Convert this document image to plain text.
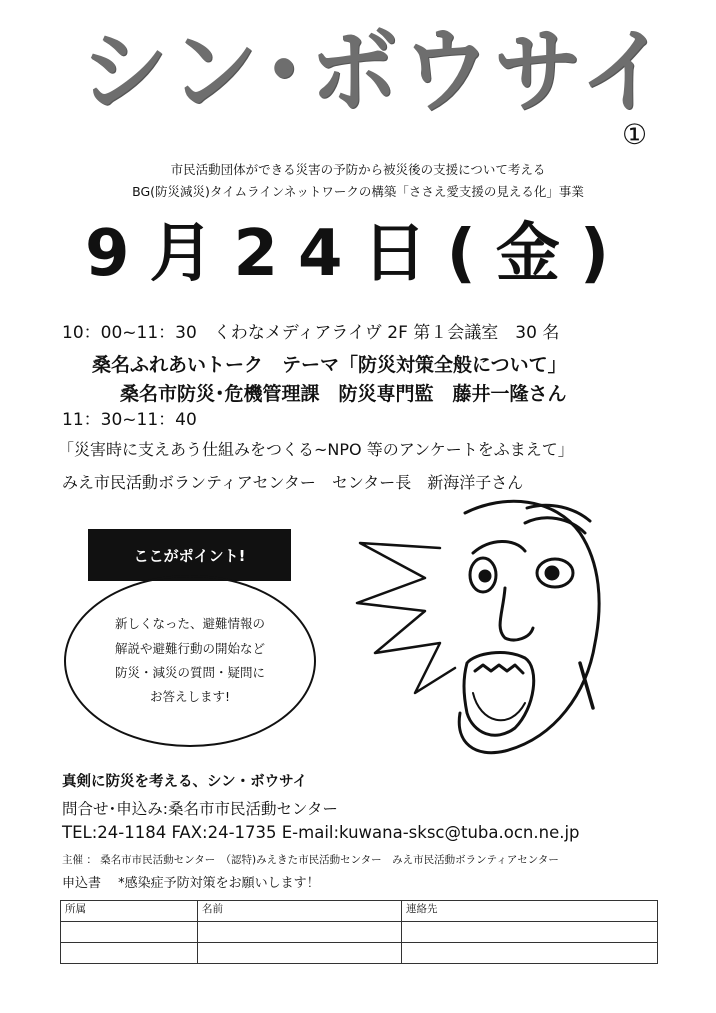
シン･ボウサイ
①
市民活動団体ができる災害の予防から被災後の支援について考える
BG(防災減災)タイムラインネットワークの構築「ささえ愛支援の見える化」事業
9月24日(金)
10：00~11：30　くわなメディアライヴ 2F 第１会議室　30 名
桑名ふれあいトーク　テーマ「防災対策全般について」
桑名市防災･危機管理課　防災専門監　藤井一隆さん
11：30~11：40
「災害時に支えあう仕組みをつくる~NPO 等のアンケートをふまえて」
みえ市民活動ボランティアセンター　センター長　新海洋子さん
ここがポイント!
新しくなった、避難情報の
解説や避難行動の開始など
防災・減災の質問・疑問に
お答えします!
真剣に防災を考える、シン・ボウサイ
問合せ･申込み:桑名市市民活動センター
TEL:24-1184 FAX:24-1735 E-mail:kuwana-sksc@tuba.ocn.ne.jp
主催 ： 桑名市市民活動センター　（認特)みえきた市民活動センター　みえ市民活動ボランティアセンター
申込書　 *感染症予防対策をお願いします！
所属	名前	連絡先
